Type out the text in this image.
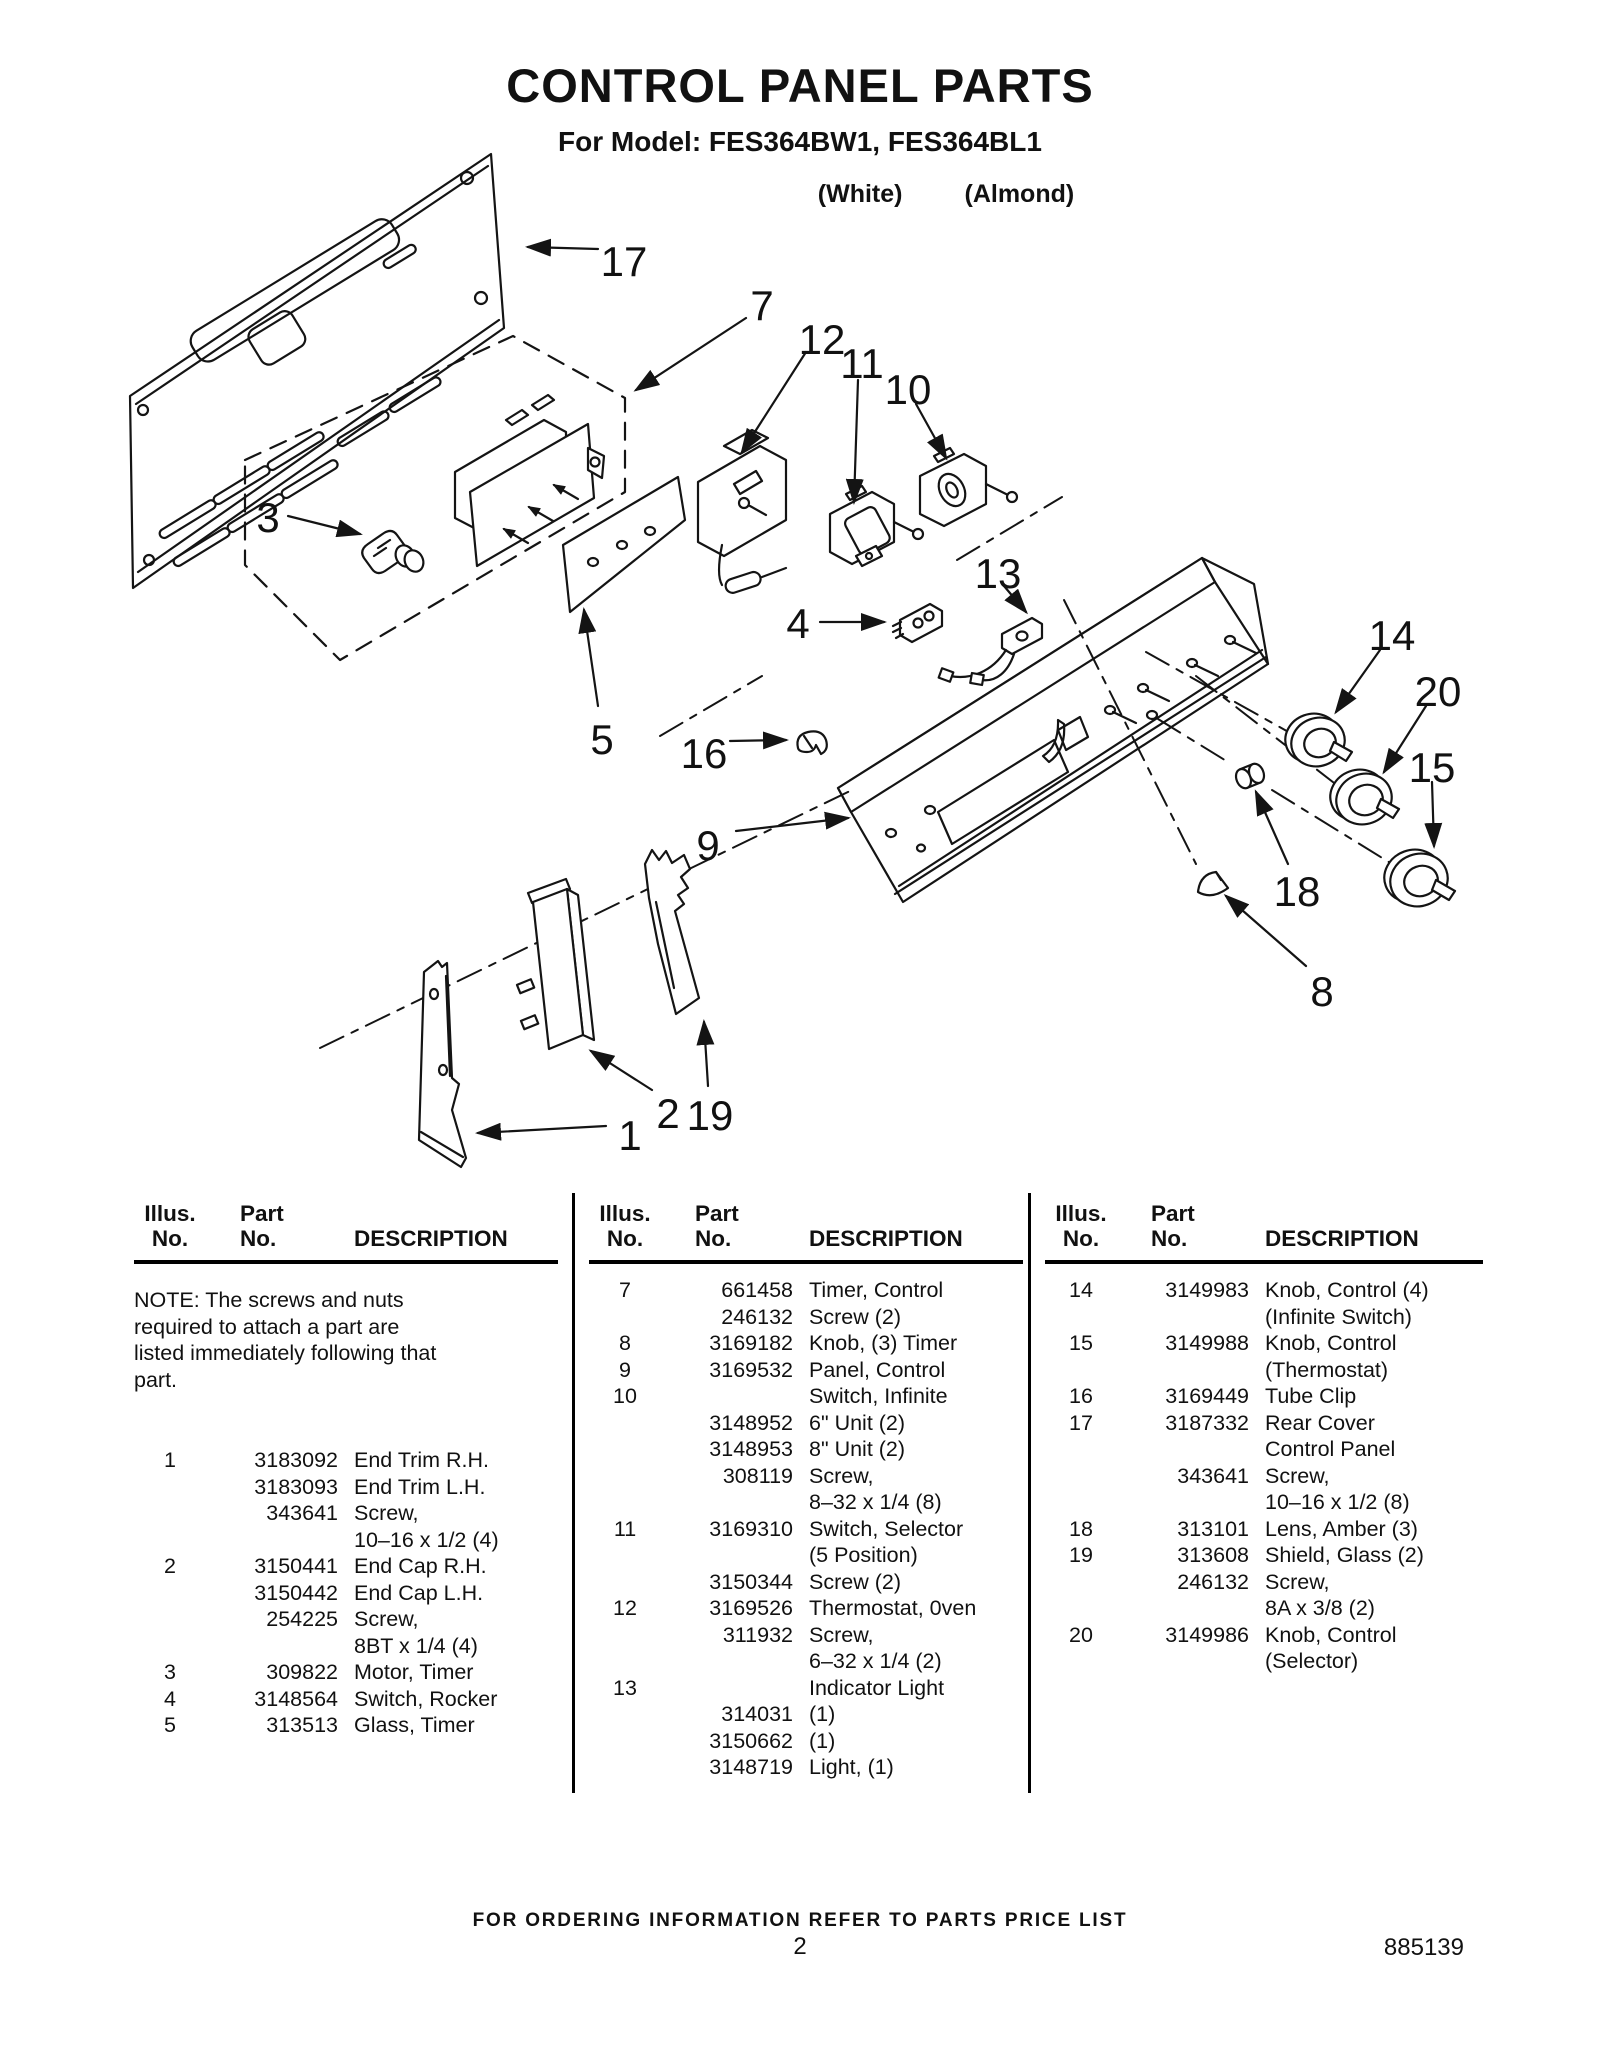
CONTROL PANEL PARTS
For Model: FES364BW1, FES364BL1
(White) (Almond)
17
7
12
11
10
13
4
16
5
9
3
14
20
15
18
8
19
2
1
Illus.
No.
Part
No.	DESCRIPTION
NOTE: The screws and nuts required to attach a part are listed immediately following that part.
1	3183092 End Trim R.H.
3183093 End Trim L.H.
343641 Screw,
10–16 x 1/2 (4)
2	3150441 End Cap R.H.
3150442 End Cap L.H.
254225 Screw,
8BT x 1/4 (4)
3	309822 Motor, Timer
4	3148564 Switch, Rocker
5	313513 Glass, Timer
Illus.
No.
Part
No.	DESCRIPTION
7	661458 Timer, Control
246132 Screw (2)
8	3169182 Knob, (3) Timer
9	3169532 Panel, Control
10	Switch, Infinite
3148952 6" Unit (2)
3148953 8" Unit (2)
308119 Screw,
8–32 x 1/4 (8)
11	3169310 Switch, Selector
(5 Position)
3150344 Screw (2)
12	3169526 Thermostat, 0ven
311932 Screw,
6–32 x 1/4 (2)
13	Indicator Light
314031 (1)
3150662 (1)
3148719 Light, (1)
Illus.
No.
Part
No.	DESCRIPTION
14	3149983 Knob, Control (4)
(Infinite Switch)
15	3149988 Knob, Control
(Thermostat)
16	3169449 Tube Clip
17	3187332 Rear Cover
Control Panel
343641 Screw,
10–16 x 1/2 (8)
18	313101 Lens, Amber (3)
19	313608 Shield, Glass (2)
246132 Screw,
8A x 3/8 (2)
20	3149986 Knob, Control
(Selector)
FOR ORDERING INFORMATION REFER TO PARTS PRICE LIST
2	885139
